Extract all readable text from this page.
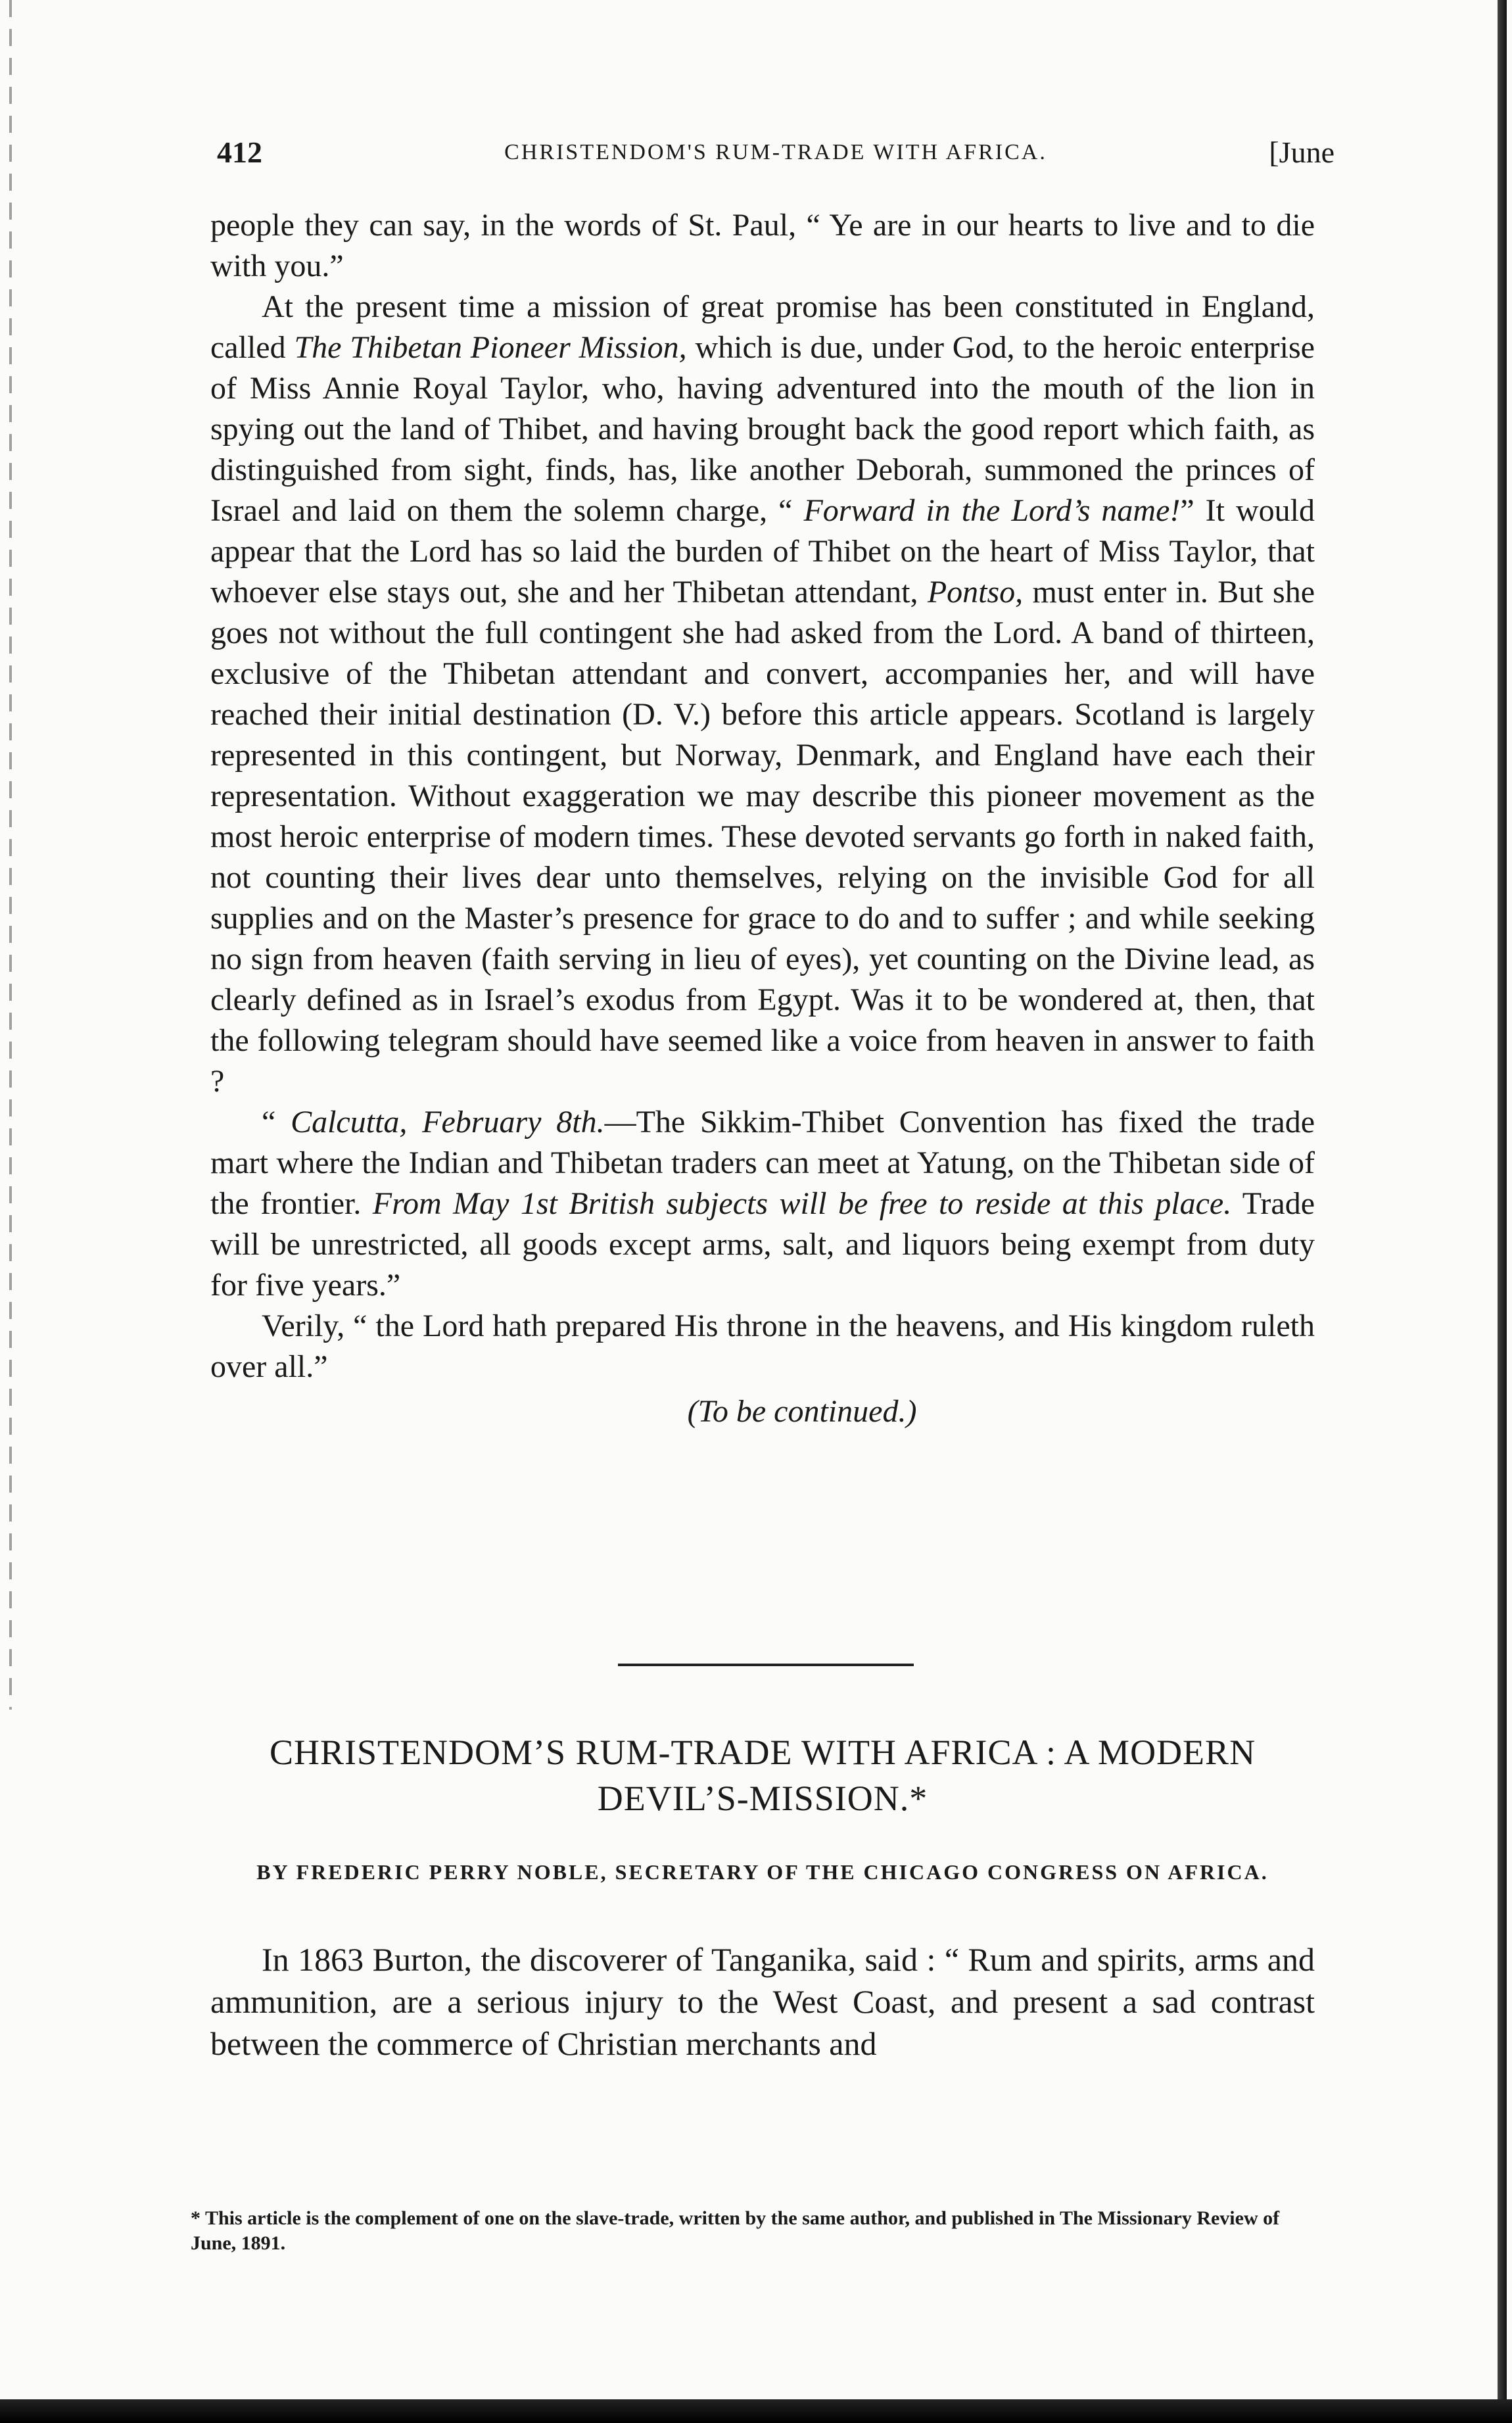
412	CHRISTENDOM'S RUM-TRADE WITH AFRICA.	[June

people they can say, in the words of St. Paul, “ Ye are in our hearts to live and to die with you.”

At the present time a mission of great promise has been constituted in England, called The Thibetan Pioneer Mission, which is due, under God, to the heroic enterprise of Miss Annie Royal Taylor, who, having adventured into the mouth of the lion in spying out the land of Thibet, and having brought back the good report which faith, as distinguished from sight, finds, has, like another Deborah, summoned the princes of Israel and laid on them the solemn charge, “ Forward in the Lord’s name!” It would appear that the Lord has so laid the burden of Thibet on the heart of Miss Taylor, that whoever else stays out, she and her Thibetan attendant, Pontso, must enter in. But she goes not without the full contingent she had asked from the Lord. A band of thirteen, exclusive of the Thibetan attendant and convert, accompanies her, and will have reached their initial destination (D. V.) before this article appears. Scotland is largely represented in this contingent, but Norway, Denmark, and England have each their representation. Without exaggeration we may describe this pioneer movement as the most heroic enterprise of modern times. These devoted servants go forth in naked faith, not counting their lives dear unto themselves, relying on the invisible God for all supplies and on the Master’s presence for grace to do and to suffer ; and while seeking no sign from heaven (faith serving in lieu of eyes), yet counting on the Divine lead, as clearly defined as in Israel’s exodus from Egypt. Was it to be wondered at, then, that the following telegram should have seemed like a voice from heaven in answer to faith ?

“ Calcutta, February 8th.—The Sikkim-Thibet Convention has fixed the trade mart where the Indian and Thibetan traders can meet at Yatung, on the Thibetan side of the frontier. From May 1st British subjects will be free to reside at this place. Trade will be unrestricted, all goods except arms, salt, and liquors being exempt from duty for five years.”

Verily, “ the Lord hath prepared His throne in the heavens, and His kingdom ruleth over all.”

(To be continued.)

CHRISTENDOM’S RUM-TRADE WITH AFRICA : A MODERN DEVIL’S-MISSION.*
BY FREDERIC PERRY NOBLE, SECRETARY OF THE CHICAGO CONGRESS ON AFRICA.

In 1863 Burton, the discoverer of Tanganika, said : “ Rum and spirits, arms and ammunition, are a serious injury to the West Coast, and present a sad contrast between the commerce of Christian merchants and

* This article is the complement of one on the slave-trade, written by the same author, and published in The Missionary Review of June, 1891.
